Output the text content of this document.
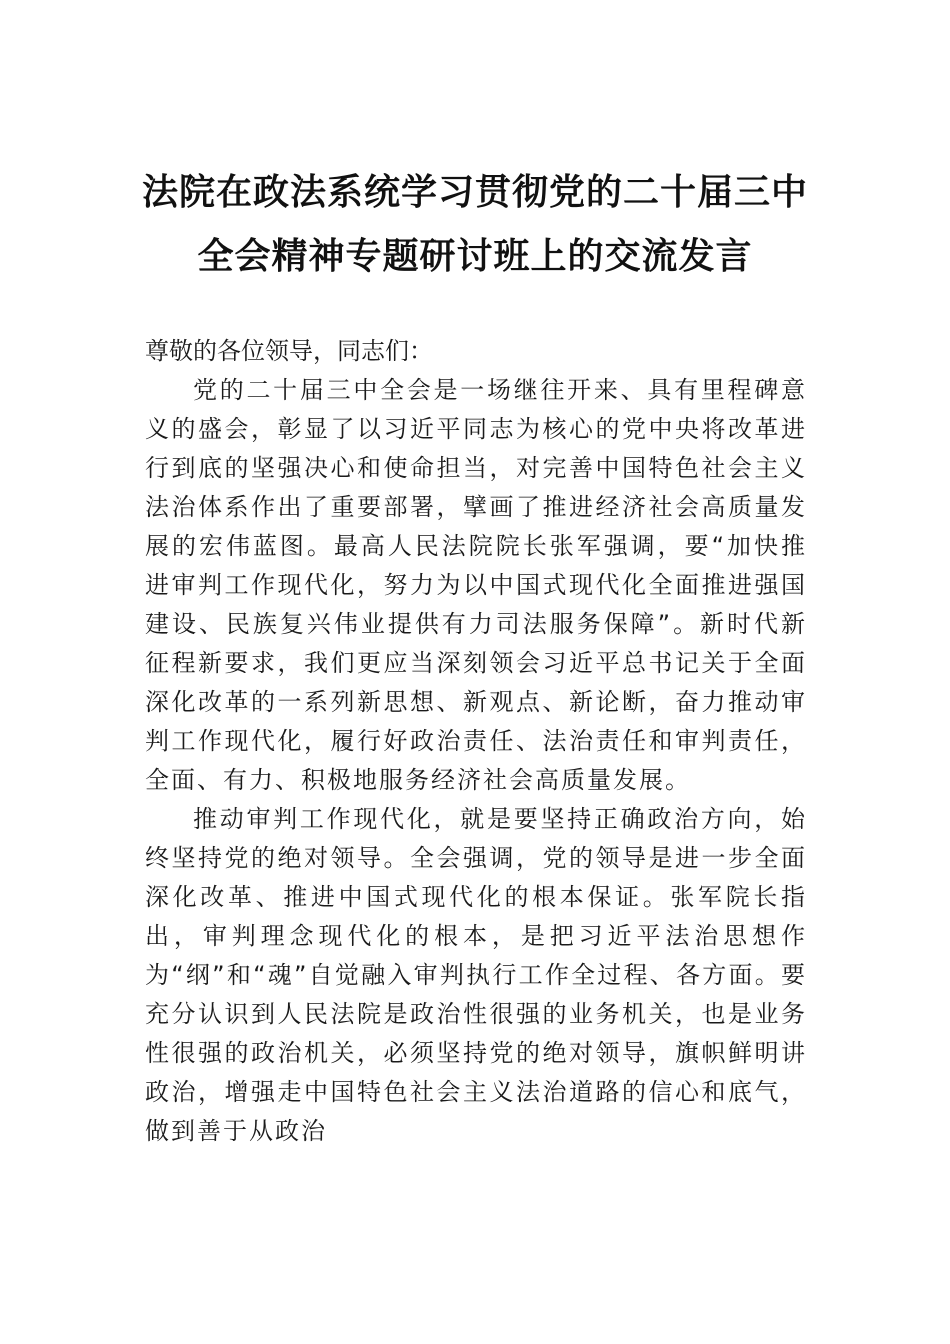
法院在政法系统学习贯彻党的二十届三中
全会精神专题研讨班上的交流发言

尊敬的各位领导，同志们：

党的二十届三中全会是一场继往开来、具有里程碑意义的盛会，彰显了以习近平同志为核心的党中央将改革进行到底的坚强决心和使命担当，对完善中国特色社会主义法治体系作出了重要部署，擘画了推进经济社会高质量发展的宏伟蓝图。最高人民法院院长张军强调，要“加快推进审判工作现代化，努力为以中国式现代化全面推进强国建设、民族复兴伟业提供有力司法服务保障”。新时代新征程新要求，我们更应当深刻领会习近平总书记关于全面深化改革的一系列新思想、新观点、新论断，奋力推动审判工作现代化，履行好政治责任、法治责任和审判责任，全面、有力、积极地服务经济社会高质量发展。

推动审判工作现代化，就是要坚持正确政治方向，始终坚持党的绝对领导。全会强调，党的领导是进一步全面深化改革、推进中国式现代化的根本保证。张军院长指出，审判理念现代化的根本，是把习近平法治思想作为“纲”和“魂”自觉融入审判执行工作全过程、各方面。要充分认识到人民法院是政治性很强的业务机关，也是业务性很强的政治机关，必须坚持党的绝对领导，旗帜鲜明讲政治，增强走中国特色社会主义法治道路的信心和底气，做到善于从政治
